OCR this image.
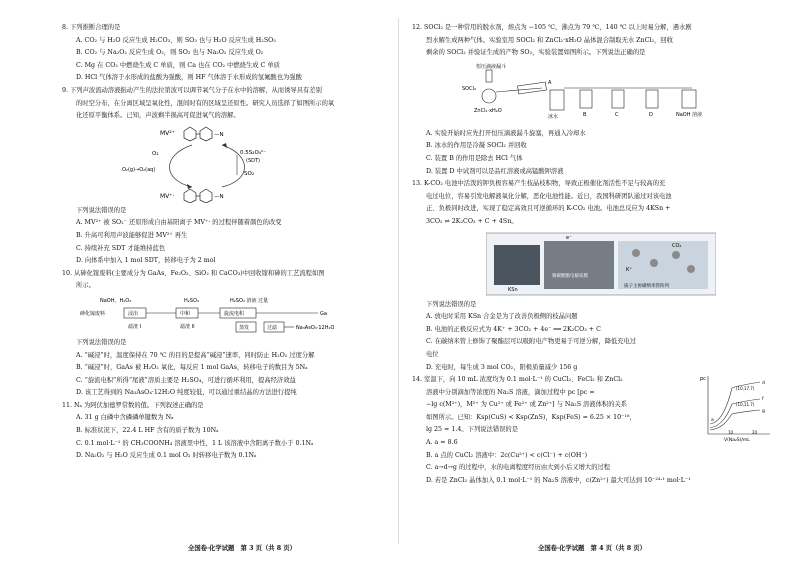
8. 下列推断合理的是

A. CO₂ 与 H₂O 反应生成 H₂CO₃，则 SO₃ 也与 H₂O 反应生成 H₂SO₃

B. CO₂ 与 Na₂O₂ 反应生成 O₂，则 SO₂ 也与 Na₂O₂ 反应生成 O₂

C. Mg 在 CO₂ 中燃烧生成 C 单质，则 Ca 也在 CO₂ 中燃烧生成 C 单质

D. HCl 气体溶于水形成的盐酸为强酸，则 HF 气体溶于水形成的氢氟酸也为强酸

9. 下列声波流动溶液振动产生的法拉第波可以调节氧气分子在水中的溶解，从而诱导具有差别

的时空分布，在分离区域呈氧化性，混间时有的区域呈还原性。研究人员选择了如图所示的氧

化还原平衡体系。已知，声波剩半损高可促进氧气的溶解。

MV²⁺	—N
O₂
O₂(g)→O₂(aq)
0.5S₂O₄²⁻
(SDT)
SO₂
MV⁺·	—N

下列说法错误的是

A. MV²⁺ 被 SO₂⁻ 还原形成自由基阳离子 MV⁺· 的过程伴随着颜色的改变

B. 升高可利用声波能够促进 MV²⁺ 再生

C. 持续补充 SDT 才能维持蓝色

D. 向体系中加入 1 mol SDT，转移电子为 2 mol

10. 从砷化镓废料(主要成分为 GaAs、Fe₂O₃、SiO₂ 和 CaCO₃)中回收镓和砷的工艺流程如图

所示。

NaOH、H₂O₂	H₂SO₄	H₂SO₄ 溶液 过量
砷化镓废料	浸出	中和	旋流电积	Ga
滤渣 I	滤渣 II	蒸发	过滤	Na₃AsO₄·12H₂O

下列说法错误的是

A. “碱浸”时，温度保持在 70 ℃ 的目的是提高“碱浸”速率，同时防止 H₂O₂ 过度分解

B. “碱浸”时，GaAs 被 H₂O₂ 氧化，每反应 1 mol GaAs，转移电子的数目为 5Nₐ

C. “旋流电积”所得“尾液”溶质主要是 H₂SO₄，可进行循环利用，提高经济效益

D. 该工艺得到的 Na₃AsO₄·12H₂O 纯度较低，可以通过重结晶的方法进行提纯

11. Nₐ 为阿伏加德罗常数的值。下列叙述正确的是

A. 31 g 白磷中含磷磷单键数为 Nₐ

B. 标准状况下，22.4 L HF 含有的质子数为 10Nₐ

C. 0.1 mol·L⁻¹ 的 CH₃COONH₄ 溶液里中性，1 L 该溶液中含阳离子数小于 0.1Nₐ

D. Na₂O₂ 与 H₂O 反应生成 0.1 mol O₂ 时转移电子数为 0.1Nₐ

12. SOCl₂ 是一种常用的脱水剂，熔点为 −105 ℃，沸点为 79 ℃，140 ℃ 以上时易分解，遇水剧

烈水解生成两种气体。实验室用 SOCl₂ 和 ZnCl₂·xH₂O 晶体混合制取无水 ZnCl₂，回收

剩余的 SOCl₂ 并验证生成的产物 SO₂，实验装置如图所示。下列说法正确的是

恒压滴液漏斗
SOCl₂
ZnCl₂·xH₂O
A
冰水	B	C	D	NaOH 溶液

A. 实验开始时应先打开恒压滴液漏斗旋塞，再通入冷却水

B. 冰水的作用是冷凝 SOCl₂ 并回收

C. 装置 B 的作用是除去 HCl 气体

D. 装置 D 中试剂可以是品红溶液或高锰酸钾溶液

13. K-CO₂ 电池中活泼的钾负极容易产生枝晶枝积物，导致正极催化剂活性不足与较高的充

电过电位，容易引发电解液氧化分解，恶化电池性能。近日，我国科研团队通过对该电池

正、负极同时改进，实现了稳定高效且可逆循环的 K-CO₂ 电池。电池总反应为 4KSn +

3CO₂ ⇌ 2K₂CO₃ + C + 4Sn。

KSn
聚碳酸酯电解质膜
CO₂
K⁺
e⁻
质子主协碳纳米管阵列

下列说法错误的是

A. 放电时采用 KSn 合金是为了改善负极侧的枝晶问题

B. 电池的正极反应式为 4K⁺ + 3CO₂ + 4e⁻ ══ 2K₂CO₃ + C

C. 在碳纳米管上修饰了聚酯层可以吸附电产物更易于可逆分解，降低充电过

电位

D. 充电时，每生成 3 mol CO₂，阳极质量减少 156 g

14. 室温下，向 10 mL 浓度均为 0.1 mol·L⁻¹ 的 CuCl₂、FeCl₂ 和 ZnCl₂

溶液中分别滴加等浓度的 Na₂S 溶液，滴加过程中 pc [pc =

−lg c(M²⁺)，M²⁺ 为 Cu²⁺ 或 Fe²⁺ 或 Zn²⁺] 与 Na₂S 溶液体积的关系

如图所示。已知：Ksp(CuS) < Ksp(ZnS)，Ksp(FeS) = 6.25 × 10⁻¹⁸，

lg 25 = 1.4。下列说法错误的是

A. a = 8.6

B. a 点的 CuCl₂ 溶液中：2c(Cu²⁺) < c(Cl⁻) + c(OH⁻)

C. a→d→g 的过程中，水的电离程度经历由大到小后又增大的过程

D. 若是 ZnCl₂ 晶体加入 0.1 mol·L⁻¹ 的 Na₂S 溶液中，c(Zn²⁺) 最大可达到 10⁻²⁴·¹ mol·L⁻¹

pc
V(Na₂S)/mL
10	20
(10,17.7)
(10,11.7)
d
f
g
a
全国卷·化学试题　第 3 页（共 8 页）	全国卷·化学试题　第 4 页（共 8 页）
